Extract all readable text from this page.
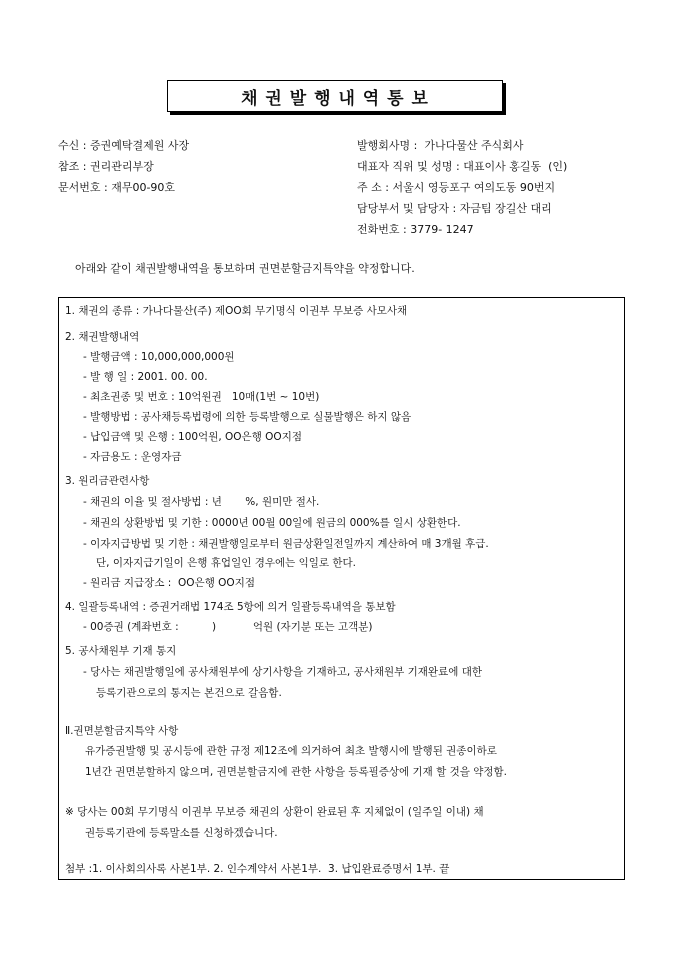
채 권 발 행 내 역 통 보
수신 : 증권예탁결제원 사장
참조 : 권리관리부장
문서번호 : 재무00-90호
발행회사명 :  가나다물산 주식회사
대표자 직위 및 성명 : 대표이사 홍길동  (인)
주 소 : 서울시 영등포구 여의도동 90번지
담당부서 및 담당자 : 자금팀 장길산 대리
전화번호 : 3779- 1247
아래와 같이 채권발행내역을 통보하며 권면분할금지특약을 약정합니다.
1. 채권의 종류 : 가나다물산(주) 제OO회 무기명식 이권부 무보증 사모사채
2. 채권발행내역
- 발행금액 : 10,000,000,000원
- 발 행 일 : 2001. 00. 00.
- 최초권종 및 번호 : 10억원권   10매(1번 ~ 10번)
- 발행방법 : 공사채등록법령에 의한 등록발행으로 실물발행은 하지 않음
- 납입금액 및 은행 : 100억원, OO은행 OO지점
- 자금용도 : 운영자금
3. 원리금관련사항
- 채권의 이율 및 절사방법 : 년       %, 원미만 절사.
- 채권의 상환방법 및 기한 : 0000년 00월 00일에 원금의 000%를 일시 상환한다.
- 이자지급방법 및 기한 : 채권발행일로부터 원금상환일전일까지 계산하여 매 3개월 후급.
단, 이자지급기일이 은행 휴업일인 경우에는 익일로 한다.
- 원리금 지급장소 :  OO은행 OO지점
4. 일괄등록내역 : 증권거래법 174조 5항에 의거 일괄등록내역을 통보함
- 00증권 (계좌번호 :          )           억원 (자기분 또는 고객분)
5. 공사채원부 기재 통지
- 당사는 채권발행일에 공사채원부에 상기사항을 기재하고, 공사채원부 기재완료에 대한
등록기관으로의 통지는 본건으로 갈음함.
Ⅱ.권면분할금지특약 사항
유가증권발행 및 공시등에 관한 규정 제12조에 의거하여 최초 발행시에 발행된 권종이하로
1년간 권면분할하지 않으며, 권면분할금지에 관한 사항을 등록필증상에 기재 할 것을 약정함.
※ 당사는 00회 무기명식 이권부 무보증 채권의 상환이 완료된 후 지체없이 (일주일 이내) 채
권등록기관에 등록말소를 신청하겠습니다.
첨부 :1. 이사회의사록 사본1부. 2. 인수계약서 사본1부.  3. 납입완료증명서 1부. 끝
